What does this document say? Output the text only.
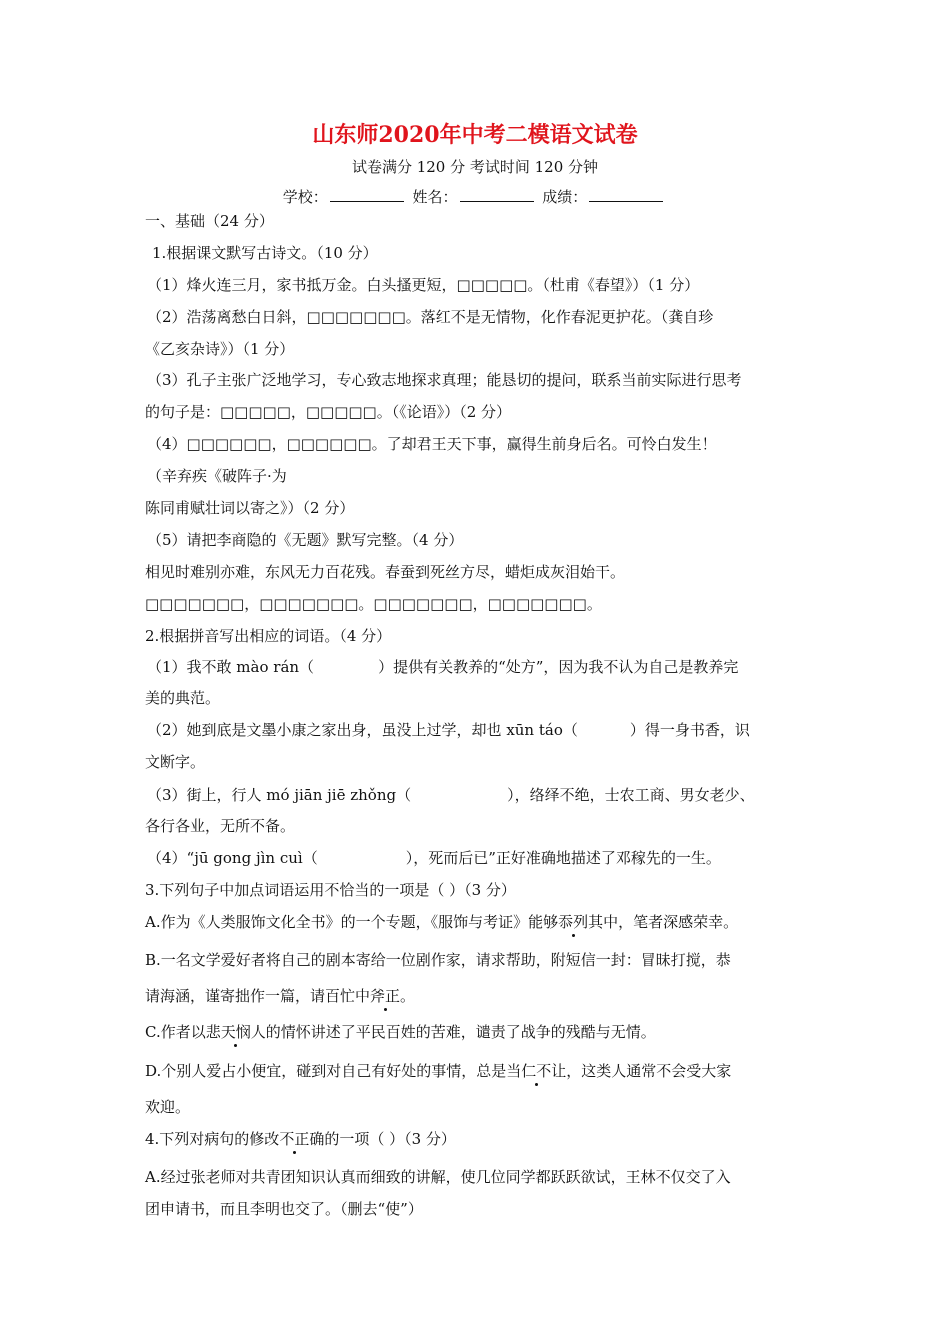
山东师2020年中考二模语文试卷
试卷满分 120 分 考试时间 120 分钟
学校：	姓名：	成绩：
一、基础（24 分）
1.根据课文默写古诗文。（10 分）
（1）烽火连三月，家书抵万金。白头搔更短，□□□□□。（杜甫《春望》）（1 分）
（2）浩荡离愁白日斜，□□□□□□□。落红不是无情物，化作春泥更护花。（龚自珍
《乙亥杂诗》）（1 分）
（3）孔子主张广泛地学习，专心致志地探求真理；能恳切的提问，联系当前实际进行思考
的句子是：□□□□□，□□□□□。（《论语》）（2 分）
（4）□□□□□□，□□□□□□。了却君王天下事，赢得生前身后名。可怜白发生！
（辛弃疾《破阵子·为
陈同甫赋壮词以寄之》）（2 分）
（5）请把李商隐的《无题》默写完整。（4 分）
相见时难别亦难，东风无力百花残。春蚕到死丝方尽，蜡炬成灰泪始干。
□□□□□□□，□□□□□□□。□□□□□□□，□□□□□□□。
2.根据拼音写出相应的词语。（4 分）
（1）我不敢 mào rán（	）提供有关教养的“处方”，因为我不认为自己是教养完
美的典范。
（2）她到底是文墨小康之家出身，虽没上过学，却也 xūn táo（	）得一身书香，识
文断字。
（3）街上，行人 mó jiān jiē zhǒng（	），络绎不绝，士农工商、男女老少、
各行各业，无所不备。
（4）“jū gong jìn cuì（	），死而后已”正好准确地描述了邓稼先的一生。
3.下列句子中加点词语运用不恰当的一项是（ ）（3 分）
A.作为《人类服饰文化全书》的一个专题，《服饰与考证》能够忝列其中，笔者深感荣幸。
B.一名文学爱好者将自己的剧本寄给一位剧作家，请求帮助，附短信一封：冒昧打搅，恭
请海涵，谨寄拙作一篇，请百忙中斧正。
C.作者以悲天悯人的情怀讲述了平民百姓的苦难，谴责了战争的残酷与无情。
D.个别人爱占小便宜，碰到对自己有好处的事情，总是当仁不让，这类人通常不会受大家
欢迎。
4.下列对病句的修改不正确的一项（ ）（3 分）
A.经过张老师对共青团知识认真而细致的讲解，使几位同学都跃跃欲试，王林不仅交了入
团申请书，而且李明也交了。（删去“使”）
